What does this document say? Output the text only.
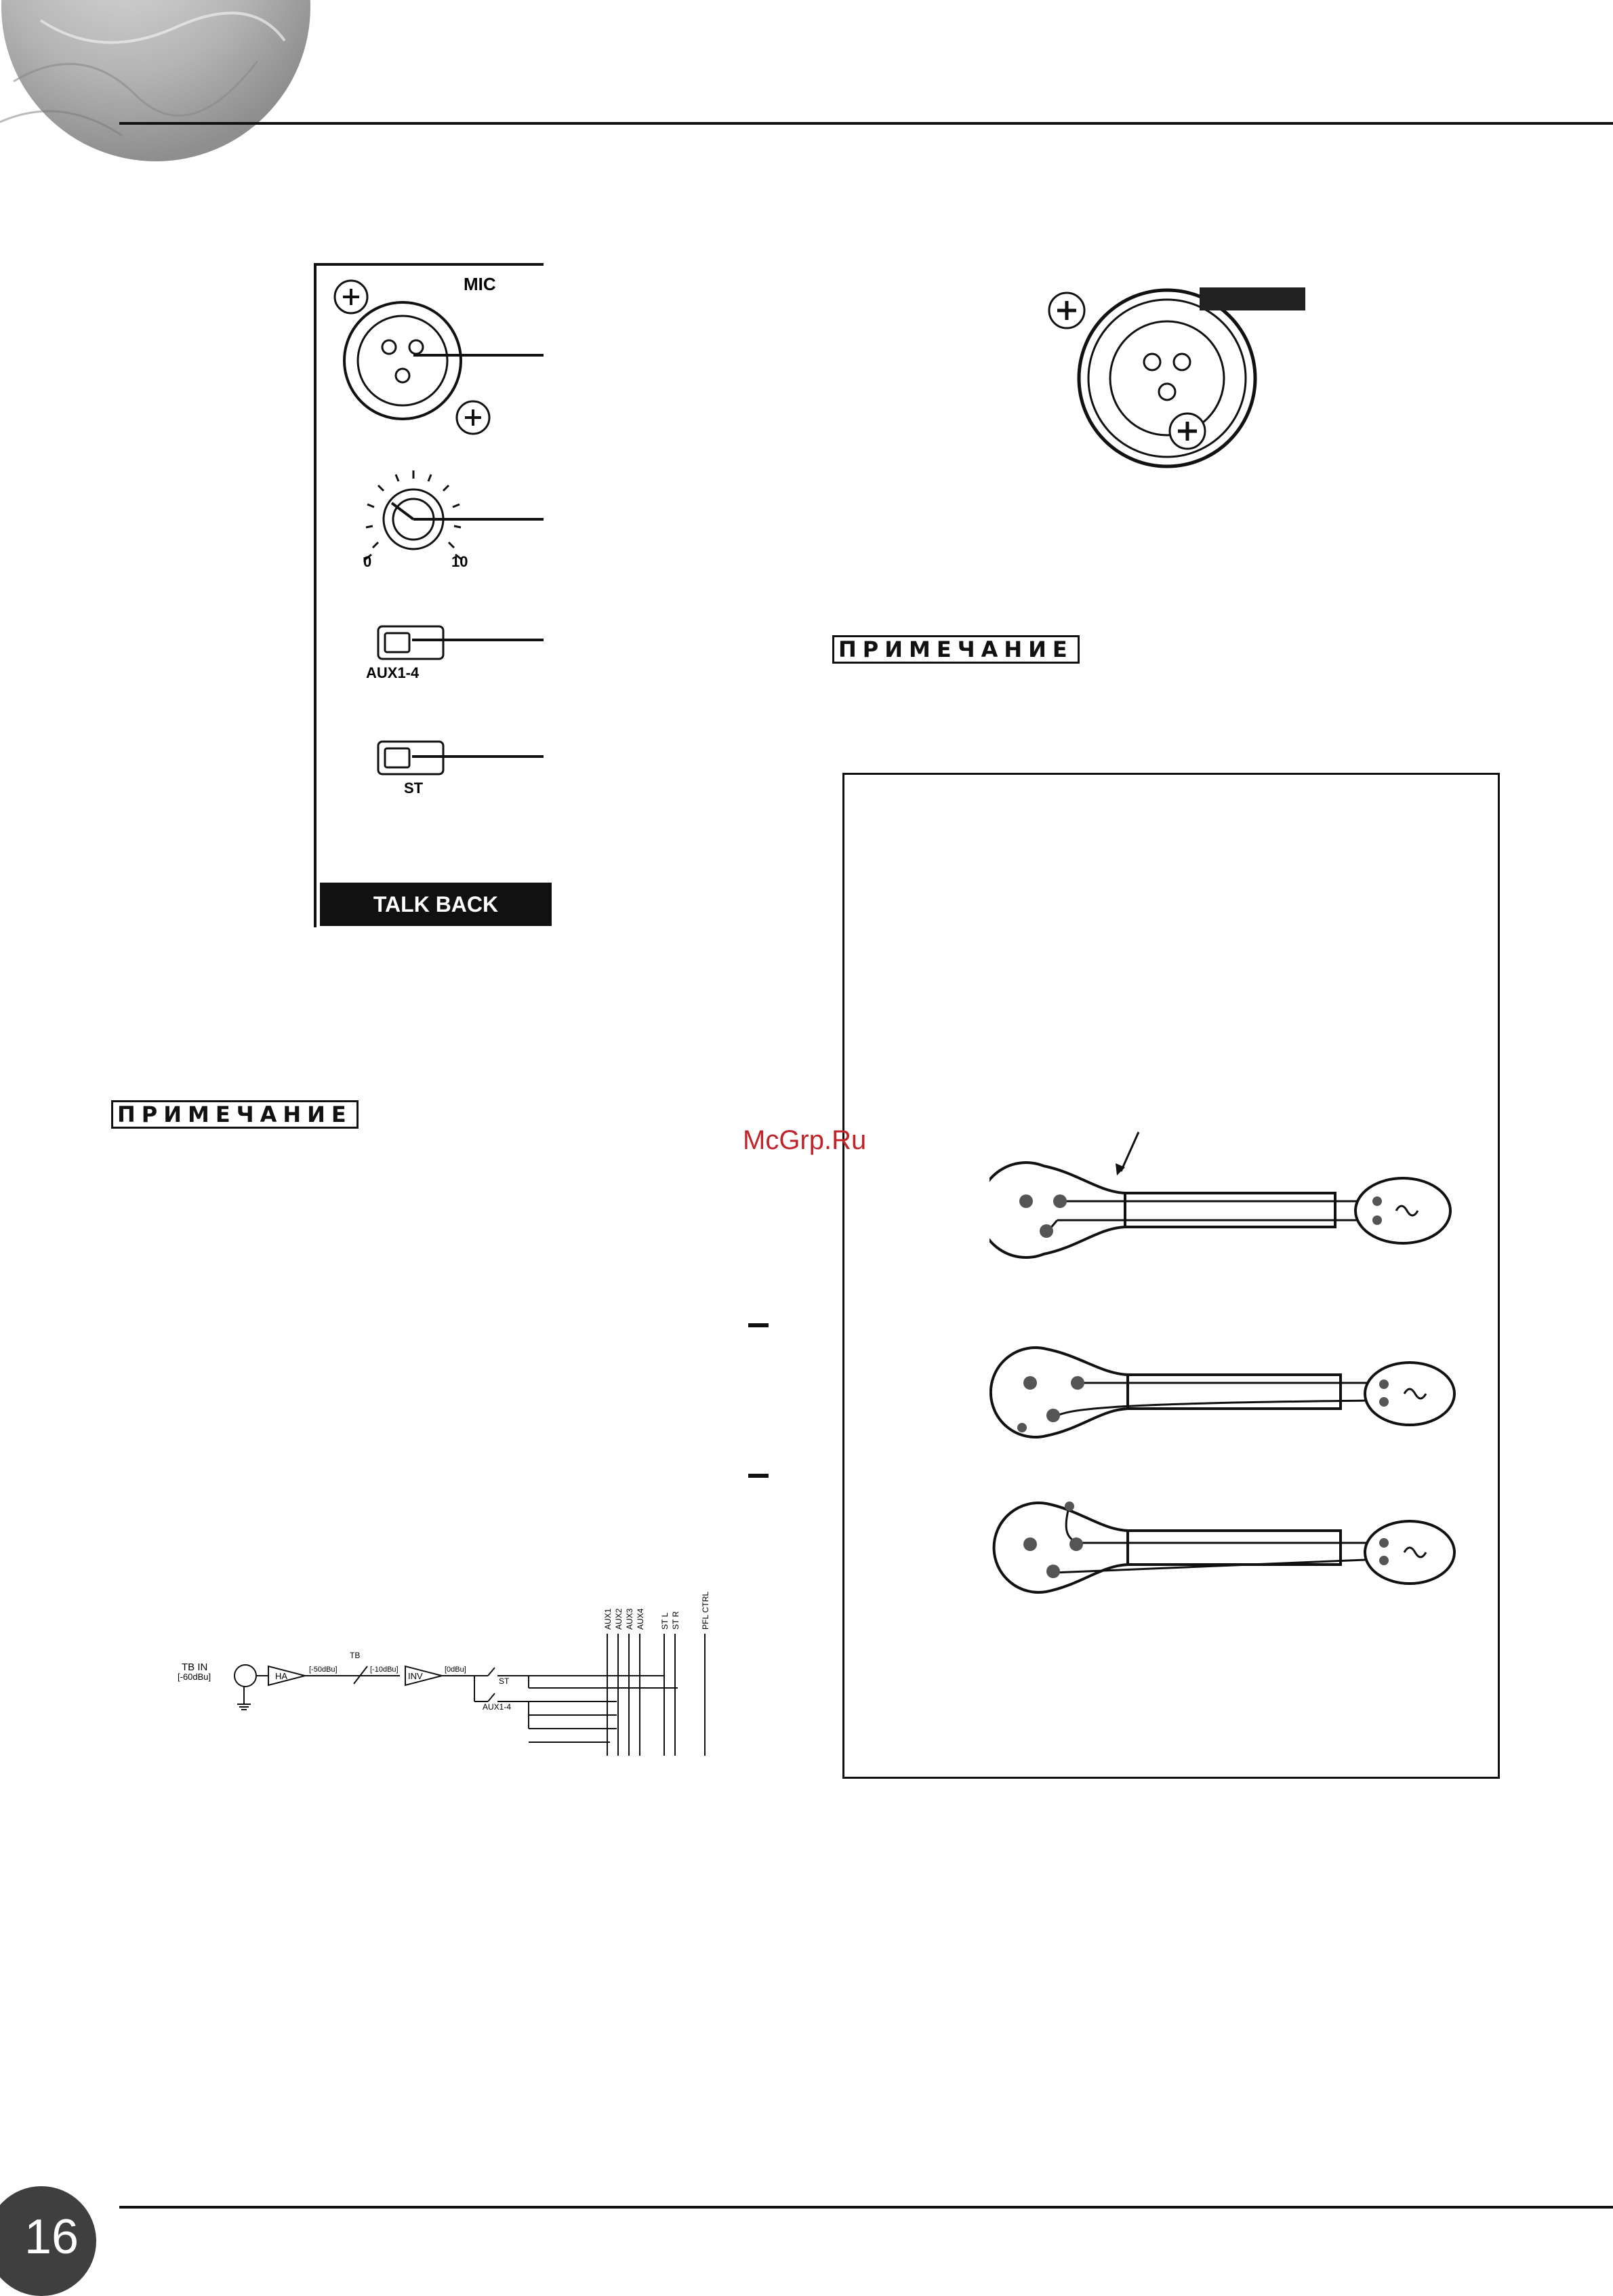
MIC
0	10
AUX1-4
ST
TALK BACK
ПРИМЕЧАНИЕ
ПРИМЕЧАНИЕ
McGrp.Ru
TB IN
[-60dBu]	HA
[-50dBu]
TB
[-10dBu]
INV
[0dBu]
ST
AUX1-4
AUX1 AUX2 AUX3 AUX4 ST L ST R	PFL CTRL
16
